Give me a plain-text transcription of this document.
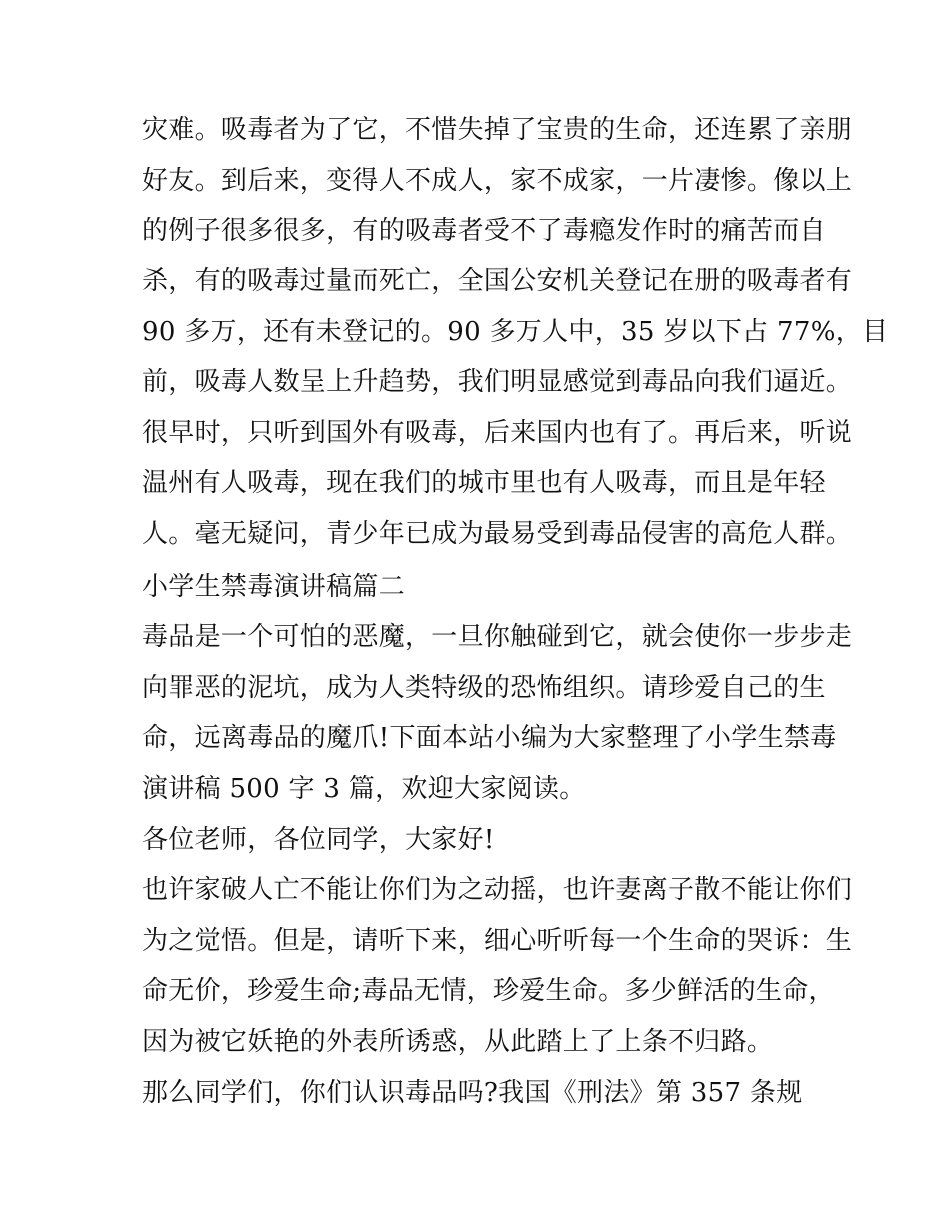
灾难。吸毒者为了它，不惜失掉了宝贵的生命，还连累了亲朋
好友。到后来，变得人不成人，家不成家，一片凄惨。像以上
的例子很多很多，有的吸毒者受不了毒瘾发作时的痛苦而自
杀，有的吸毒过量而死亡，全国公安机关登记在册的吸毒者有
90 多万，还有未登记的。90 多万人中，35 岁以下占 77%，目
前，吸毒人数呈上升趋势，我们明显感觉到毒品向我们逼近。
很早时，只听到国外有吸毒，后来国内也有了。再后来，听说
温州有人吸毒，现在我们的城市里也有人吸毒，而且是年轻
人。毫无疑问，青少年已成为最易受到毒品侵害的高危人群。
小学生禁毒演讲稿篇二
毒品是一个可怕的恶魔，一旦你触碰到它，就会使你一步步走
向罪恶的泥坑，成为人类特级的恐怖组织。请珍爱自己的生
命，远离毒品的魔爪!下面本站小编为大家整理了小学生禁毒
演讲稿 500 字 3 篇，欢迎大家阅读。
各位老师，各位同学，大家好!
也许家破人亡不能让你们为之动摇，也许妻离子散不能让你们
为之觉悟。但是，请听下来，细心听听每一个生命的哭诉：生
命无价，珍爱生命;毒品无情，珍爱生命。多少鲜活的生命，
因为被它妖艳的外表所诱惑，从此踏上了上条不归路。
那么同学们，你们认识毒品吗?我国《刑法》第 357 条规
